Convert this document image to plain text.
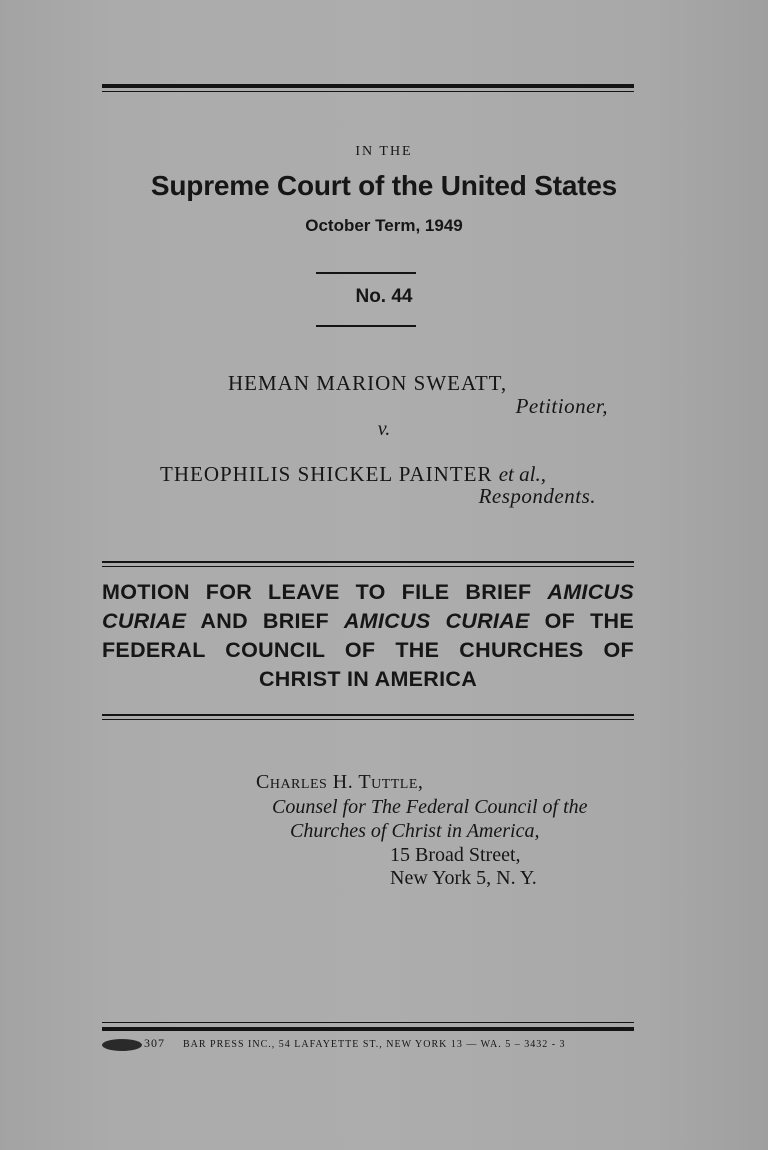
IN THE
Supreme Court of the United States
October Term, 1949
No. 44
HEMAN MARION SWEATT,
Petitioner,
v.
THEOPHILIS SHICKEL PAINTER et al.,
Respondents.
MOTION FOR LEAVE TO FILE BRIEF AMICUS CURIAE AND BRIEF AMICUS CURIAE OF THE FEDERAL COUNCIL OF THE CHURCHES OF CHRIST IN AMERICA
Charles H. Tuttle,
Counsel for The Federal Council of the
Churches of Christ in America,
15 Broad Street,
New York 5, N. Y.
307 BAR PRESS INC., 54 LAFAYETTE ST., NEW YORK 13 — WA. 5 – 3432 - 3
